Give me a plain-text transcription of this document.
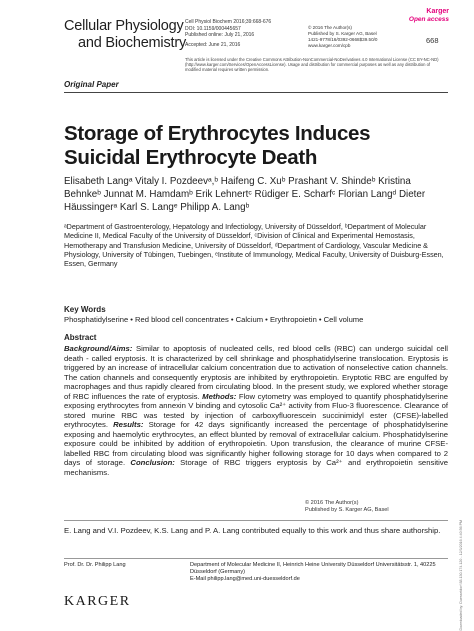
Cellular Physiology
and Biochemistry
Cell Physiol Biochem 2016;39:668-676
DOI: 10.1159/000445657
Published online: July 21, 2016
Accepted: June 21, 2016
© 2016 The Author(s)
Published by S. Karger AG, Basel
1421-9778/16/0392-0668$39.50/0
www.karger.com/cpb
Karger
Open access
668
This article is licensed under the Creative Commons Attribution-NonCommercial-NoDerivatives 4.0 International License (CC BY-NC-ND) (http://www.karger.com/Services/OpenAccessLicense). Usage and distribution for commercial purposes as well as any distribution of modified material requires written permission.
Original Paper
Storage of Erythrocytes Induces Suicidal Erythrocyte Death
Elisabeth Langᵃ Vitaly I. Pozdeevᵃ,ᵇ Haifeng C. Xuᵇ Prashant V. Shindeᵇ Kristina Behnkeᵇ Junnat M. Hamdamᵇ Erik Lehnertᶜ Rüdiger E. Scharfᶜ Florian Langᵈ Dieter Häussingerᵃ Karl S. Langᵉ Philipp A. Langᵇ
ᵃDepartment of Gastroenterology, Hepatology and Infectiology, University of Düsseldorf, ᵇDepartment of Molecular Medicine II, Medical Faculty of the University of Düsseldorf, ᶜDivision of Clinical and Experimental Hemostasis, Hemotherapy and Transfusion Medicine, University of Düsseldorf, ᵈDepartment of Cardiology, Vascular Medicine & Physiology, University of Tübingen, Tuebingen, ᵉInstitute of Immunology, Medical Faculty, University of Duisburg-Essen, Essen, Germany
Key Words
Phosphatidylserine • Red blood cell concentrates • Calcium • Erythropoietin • Cell volume
Abstract
Background/Aims: Similar to apoptosis of nucleated cells, red blood cells (RBC) can undergo suicidal cell death - called eryptosis. It is characterized by cell shrinkage and phosphatidylserine translocation. Eryptosis is triggered by an increase of intracellular calcium concentration due to activation of nonselective cation channels. The cation channels and consequently eryptosis are inhibited by erythropoietin. Eryptotic RBC are engulfed by macrophages and thus rapidly cleared from circulating blood. In the present study, we explored whether storage of RBC influences the rate of eryptosis. Methods: Flow cytometry was employed to quantify phosphatidylserine exposing erythrocytes from annexin V binding and cytosolic Ca²⁺ activity from Fluo-3 fluorescence. Clearance of stored murine RBC was tested by injection of carboxyfluorescein succinimidyl ester (CFSE)-labelled erythrocytes. Results: Storage for 42 days significantly increased the percentage of phosphatidylserine exposing and haemolytic erythrocytes, an effect blunted by removal of extracellular calcium. Phosphatidylserine exposure could be inhibited by addition of erythropoietin. Upon transfusion, the clearance of murine CFSE-labelled RBC from circulating blood was significantly higher following storage for 10 days when compared to 2 days of storage. Conclusion: Storage of RBC triggers eryptosis by Ca²⁺ and erythropoietin sensitive mechanisms.
© 2016 The Author(s)
Published by S. Karger AG, Basel
E. Lang and V.I. Pozdeev, K.S. Lang and P. A. Lang contributed equally to this work and thus share authorship.
Prof. Dr. Dr. Philipp Lang	Department of Molecular Medicine II, Heinrich Heine University Düsseldorf Universitätsstr. 1, 40225 Düsseldorf (Germany)
E-Mail philipp.lang@med.uni-duesseldorf.de
KARGER	Downloaded by: Duesseldorf 88.130.174.120 - 12/3/2016 4:40:56 PM
